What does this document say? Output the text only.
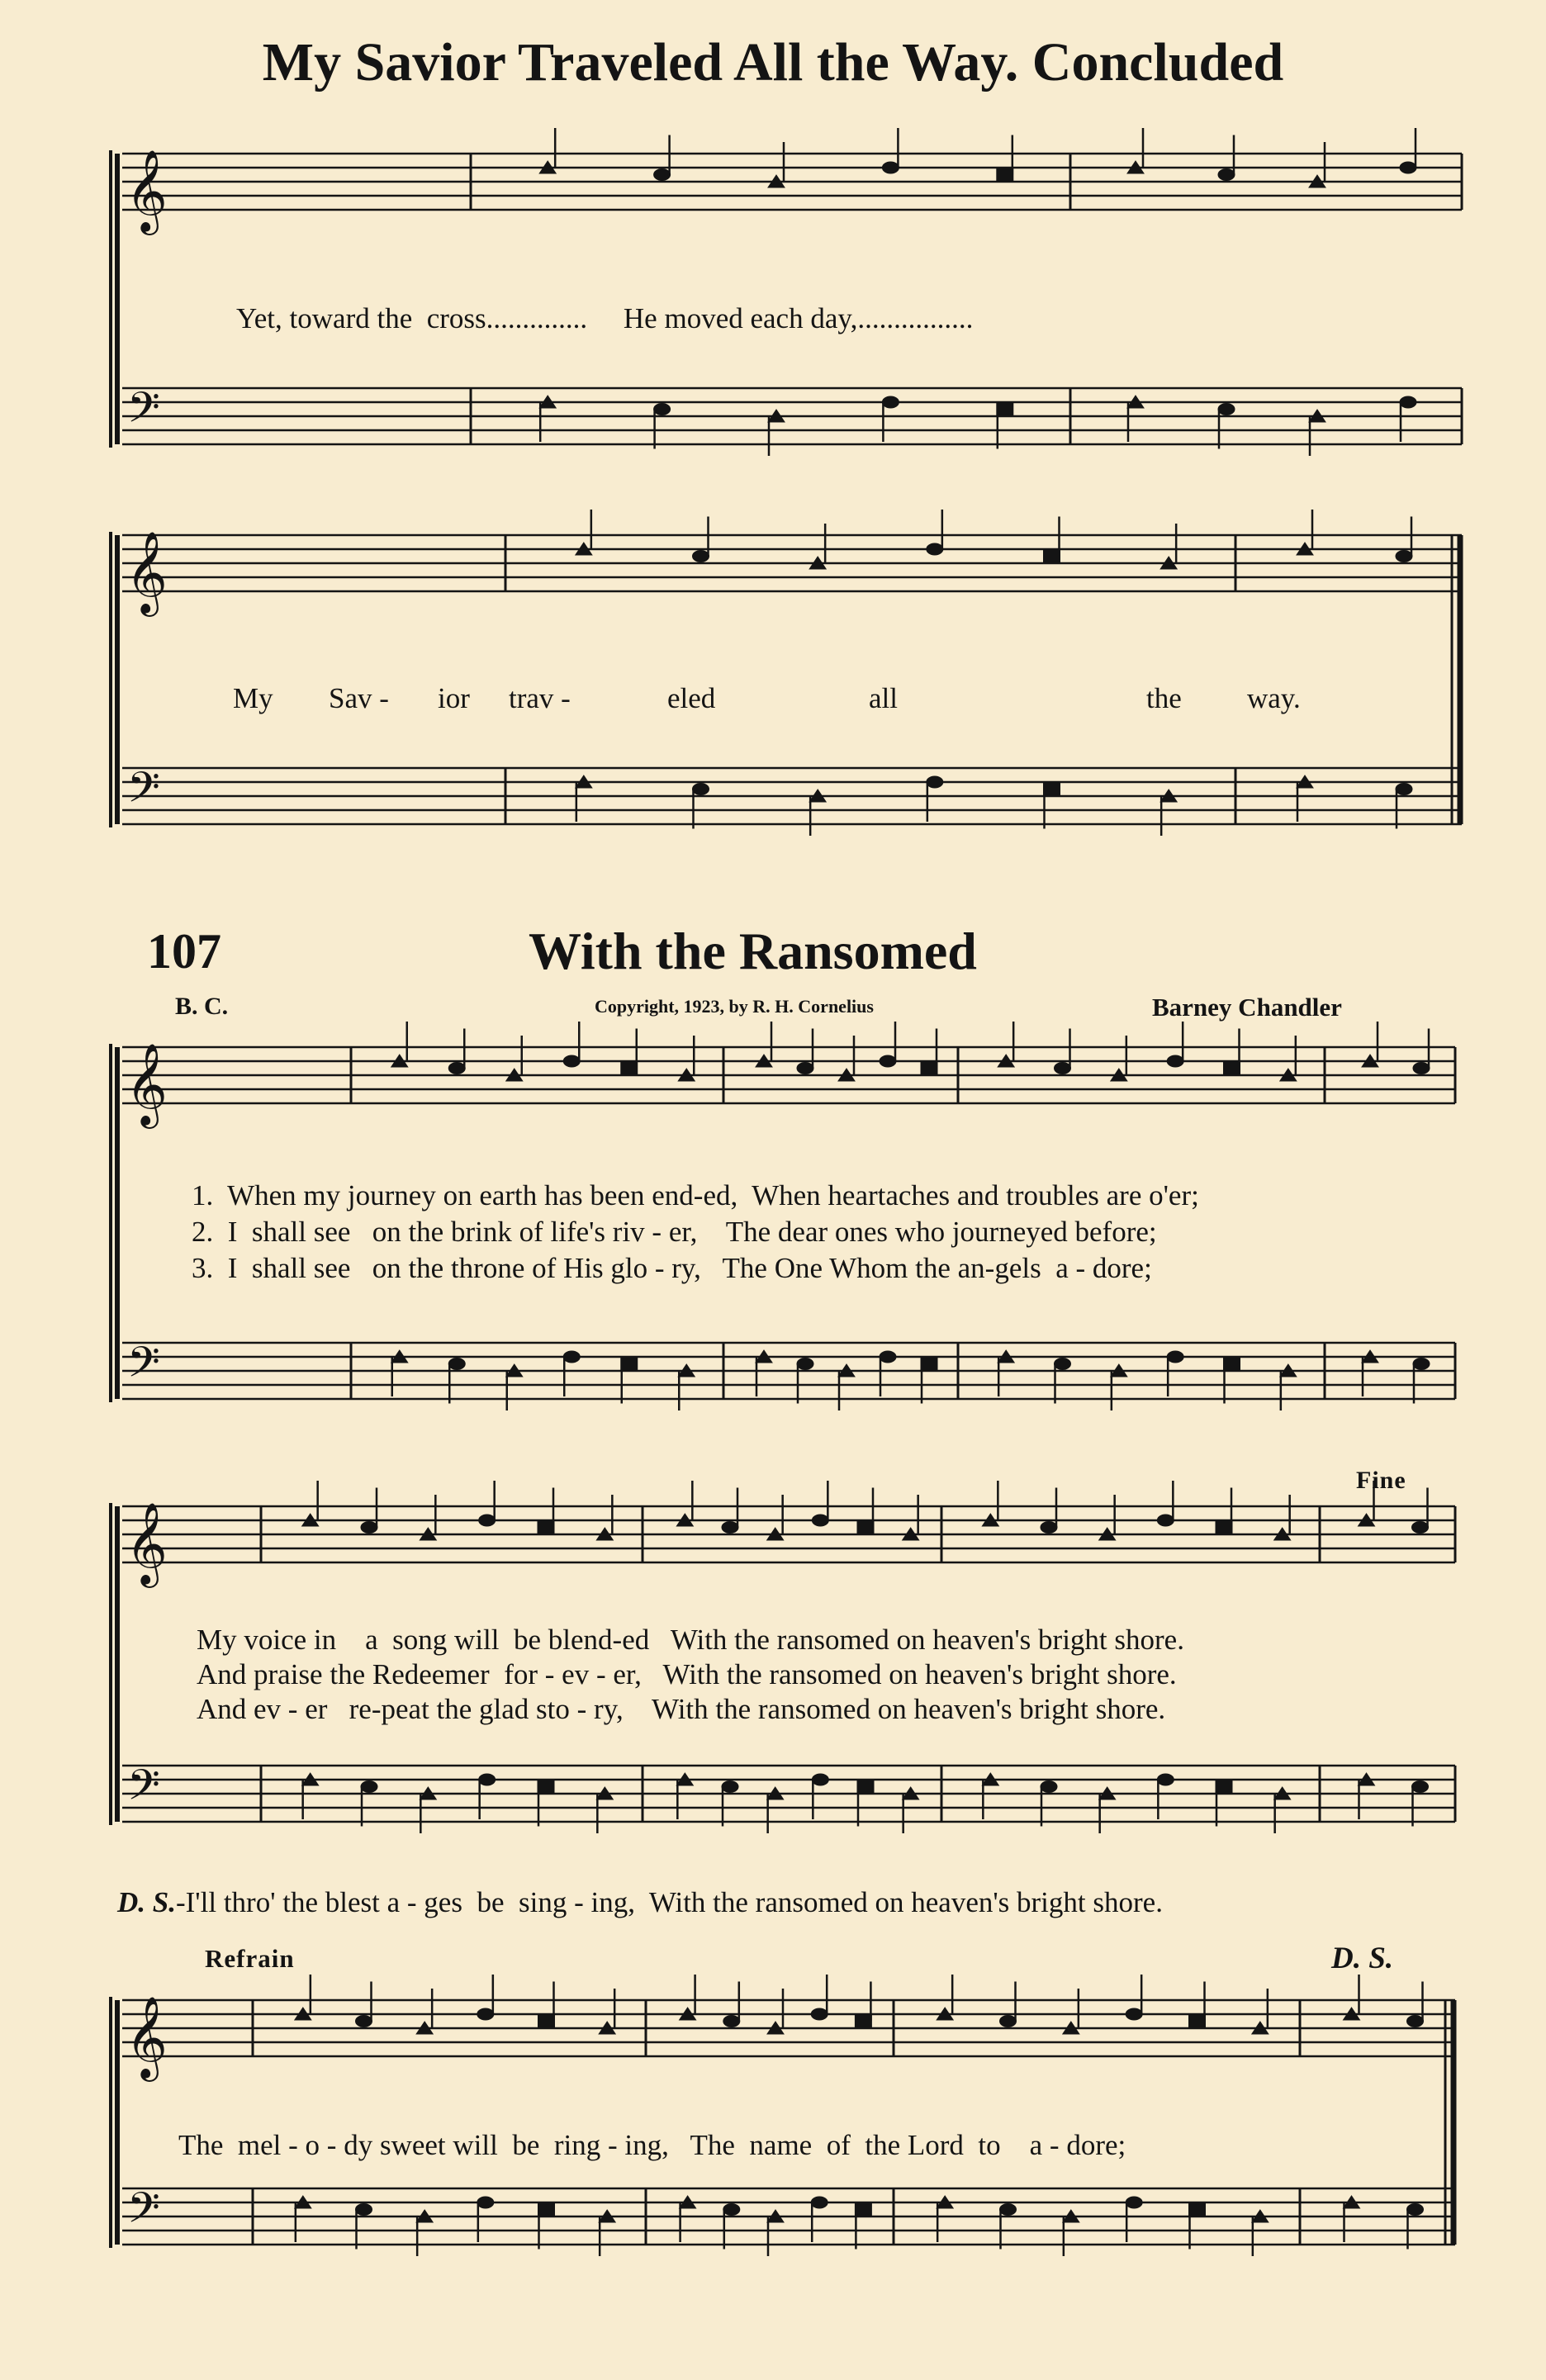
My Savior Traveled All the Way. Concluded
107	With the Ransomed
B. C.	Copyright, 1923, by R. H. Cornelius	Barney Chandler
𝄞
𝄢
𝄞
𝄢
𝄞
𝄢
𝄞
𝄢
𝄞
𝄢
Yet, toward the  cross..............     He moved each day,................
My Sav - ior trav -	eled	all	the way.
1.  When my journey on earth has been end-ed,  When heartaches and troubles are o'er;
2.  I  shall see   on the brink of life's riv - er,    The dear ones who journeyed before;
3.  I  shall see   on the throne of His glo - ry,   The One Whom the an-gels  a - dore;
My voice in    a  song will  be blend-ed   With the ransomed on heaven's bright shore.
And praise the Redeemer  for - ev - er,   With the ransomed on heaven's bright shore.
And ev - er   re-peat the glad sto - ry,    With the ransomed on heaven's bright shore.
D. S.-I'll thro' the blest a - ges  be  sing - ing,  With the ransomed on heaven's bright shore.
Fine
Refrain	D. S.
The  mel - o - dy sweet will  be  ring - ing,   The  name  of  the Lord  to    a - dore;
